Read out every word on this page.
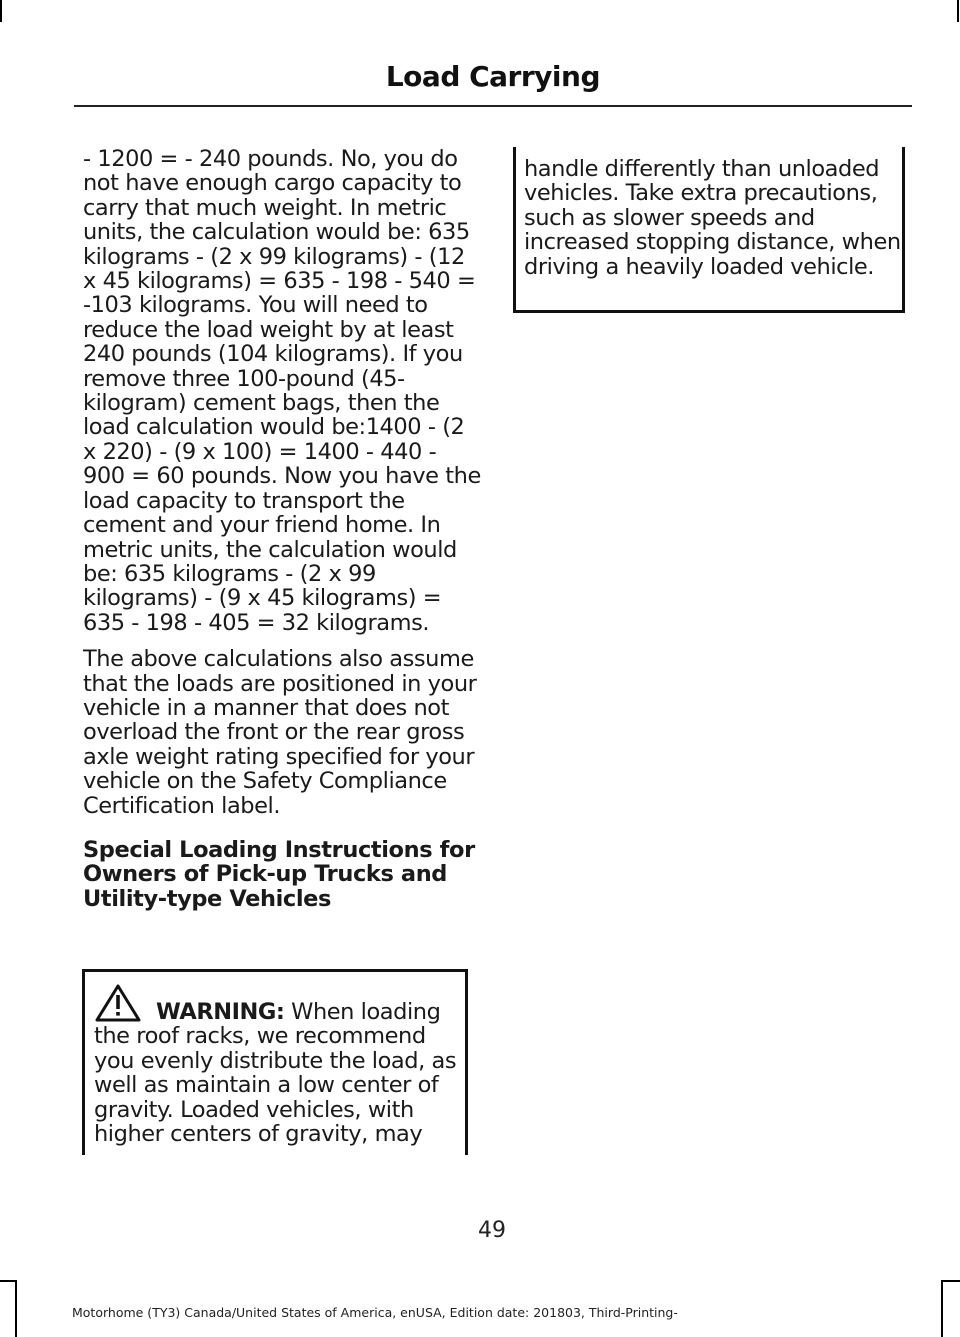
Load Carrying

- 1200 = - 240 pounds. No, you do not have enough cargo capacity to carry that much weight. In metric units, the calculation would be: 635 kilograms - (2 x 99 kilograms) - (12 x 45 kilograms) = 635 - 198 - 540 = -103 kilograms. You will need to reduce the load weight by at least 240 pounds (104 kilograms). If you remove three 100-pound (45-kilogram) cement bags, then the load calculation would be:1400 - (2 x 220) - (9 x 100) = 1400 - 440 - 900 = 60 pounds. Now you have the load capacity to transport the cement and your friend home. In metric units, the calculation would be: 635 kilograms - (2 x 99 kilograms) - (9 x 45 kilograms) = 635 - 198 - 405 = 32 kilograms.

The above calculations also assume that the loads are positioned in your vehicle in a manner that does not overload the front or the rear gross axle weight rating specified for your vehicle on the Safety Compliance Certification label.

Special Loading Instructions for Owners of Pick-up Trucks and Utility-type Vehicles
WARNING: When loading the roof racks, we recommend you evenly distribute the load, as well as maintain a low center of gravity. Loaded vehicles, with higher centers of gravity, may
handle differently than unloaded vehicles. Take extra precautions, such as slower speeds and increased stopping distance, when driving a heavily loaded vehicle.
49
Motorhome (TY3) Canada/United States of America, enUSA, Edition date: 201803, Third-Printing-
